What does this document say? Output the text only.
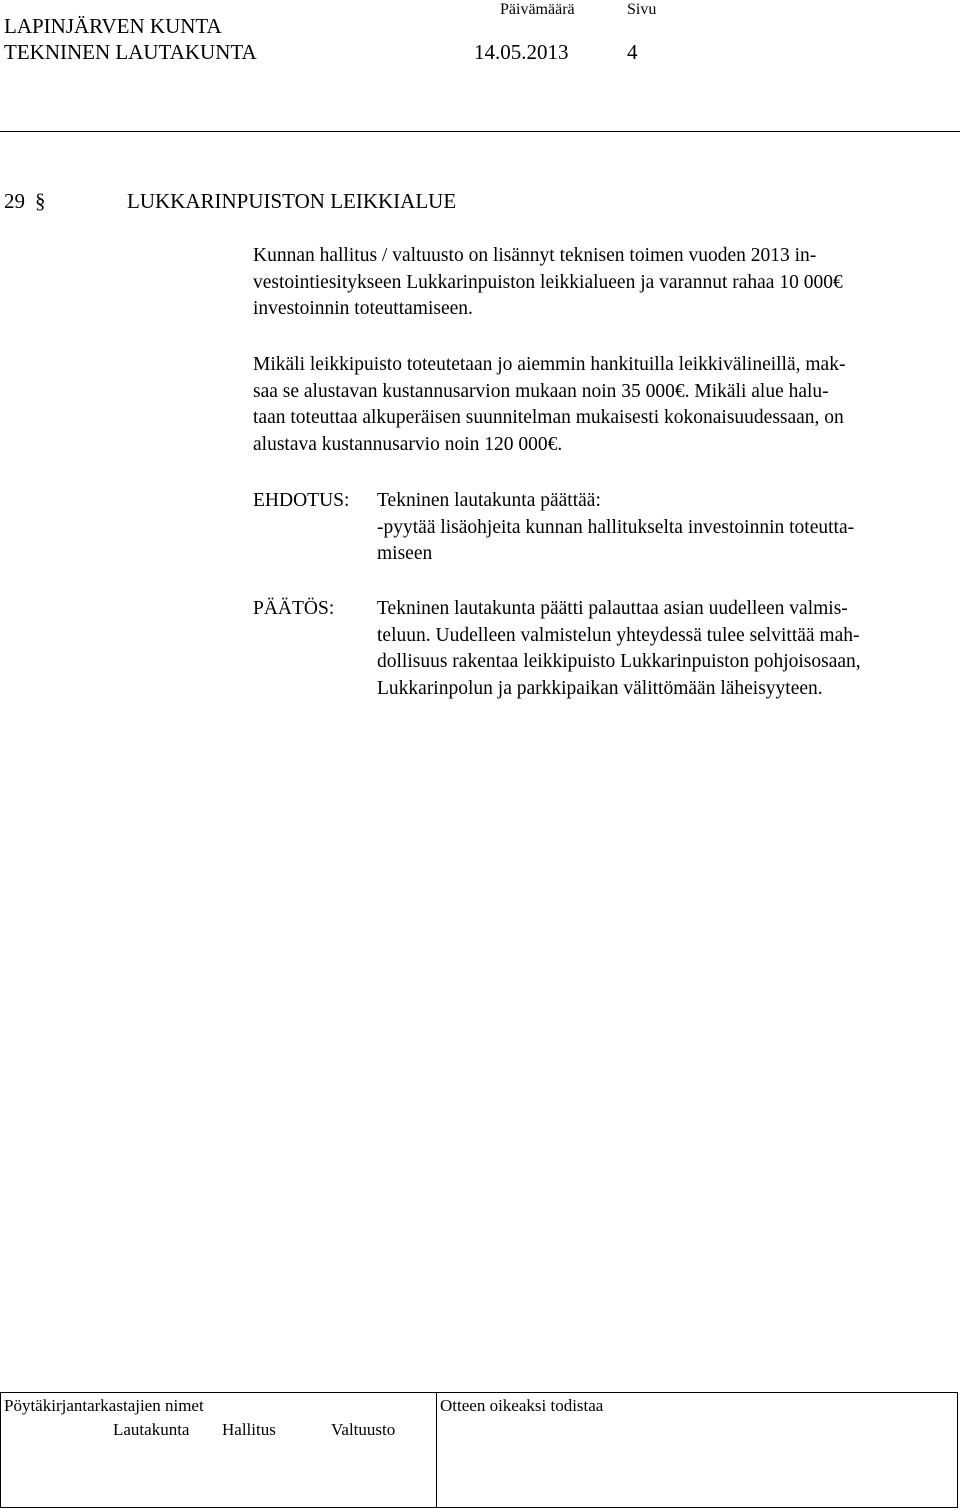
LAPINJÄRVEN KUNTA
TEKNINEN LAUTAKUNTA
Päivämäärä	Sivu
14.05.2013	4
29 §	LUKKARINPUISTON LEIKKIALUE
Kunnan hallitus / valtuusto on lisännyt teknisen toimen vuoden 2013 in-
vestointiesitykseen Lukkarinpuiston leikkialueen ja varannut rahaa 10 000€
investoinnin toteuttamiseen.
Mikäli leikkipuisto toteutetaan jo aiemmin hankituilla leikkivälineillä, mak-
saa se alustavan kustannusarvion mukaan noin 35 000€. Mikäli alue halu-
taan toteuttaa alkuperäisen suunnitelman mukaisesti kokonaisuudessaan, on
alustava kustannusarvio noin 120 000€.
EHDOTUS: Tekninen lautakunta päättää:
-pyytää lisäohjeita kunnan hallitukselta investoinnin toteutta-
miseen
PÄÄTÖS: Tekninen lautakunta päätti palauttaa asian uudelleen valmis-
teluun. Uudelleen valmistelun yhteydessä tulee selvittää mah-
dollisuus rakentaa leikkipuisto Lukkarinpuiston pohjoisosaan,
Lukkarinpolun ja parkkipaikan välittömään läheisyyteen.
Pöytäkirjantarkastajien nimet	Otteen oikeaksi todistaa
Lautakunta Hallitus	Valtuusto
